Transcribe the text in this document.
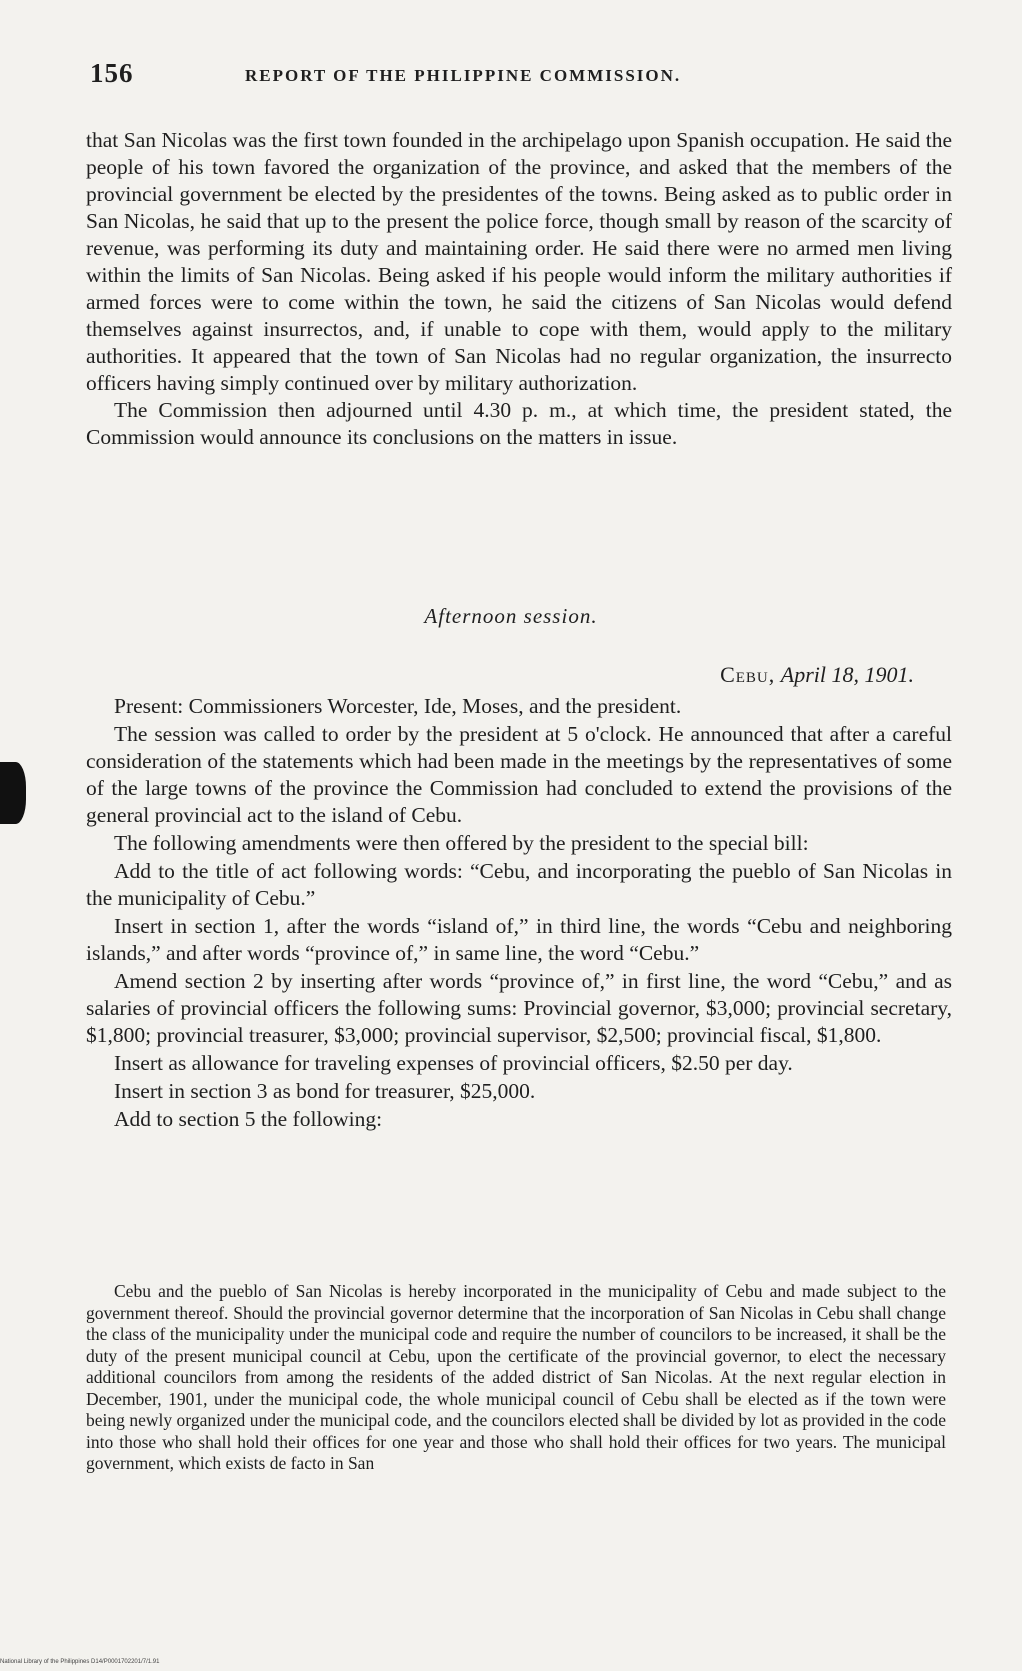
156	REPORT OF THE PHILIPPINE COMMISSION.

that San Nicolas was the first town founded in the archipelago upon Spanish occupation. He said the people of his town favored the organization of the province, and asked that the members of the provincial government be elected by the presidentes of the towns. Being asked as to public order in San Nicolas, he said that up to the present the police force, though small by reason of the scarcity of revenue, was performing its duty and maintaining order. He said there were no armed men living within the limits of San Nicolas. Being asked if his people would inform the military authorities if armed forces were to come within the town, he said the citizens of San Nicolas would defend themselves against insurrectos, and, if unable to cope with them, would apply to the military authorities. It appeared that the town of San Nicolas had no regular organization, the insurrecto officers having simply continued over by military authorization.

The Commission then adjourned until 4.30 p. m., at which time, the president stated, the Commission would announce its conclusions on the matters in issue.

Afternoon session.
Cebu, April 18, 1901.

Present: Commissioners Worcester, Ide, Moses, and the president.

The session was called to order by the president at 5 o'clock. He announced that after a careful consideration of the statements which had been made in the meetings by the representatives of some of the large towns of the province the Commission had concluded to extend the provisions of the general provincial act to the island of Cebu.

The following amendments were then offered by the president to the special bill:

Add to the title of act following words: “Cebu, and incorporating the pueblo of San Nicolas in the municipality of Cebu.”

Insert in section 1, after the words “island of,” in third line, the words “Cebu and neighboring islands,” and after words “province of,” in same line, the word “Cebu.”

Amend section 2 by inserting after words “province of,” in first line, the word “Cebu,” and as salaries of provincial officers the following sums: Provincial governor, $3,000; provincial secretary, $1,800; provincial treasurer, $3,000; provincial supervisor, $2,500; provincial fiscal, $1,800.

Insert as allowance for traveling expenses of provincial officers, $2.50 per day.

Insert in section 3 as bond for treasurer, $25,000.

Add to section 5 the following:

Cebu and the pueblo of San Nicolas is hereby incorporated in the municipality of Cebu and made subject to the government thereof. Should the provincial governor determine that the incorporation of San Nicolas in Cebu shall change the class of the municipality under the municipal code and require the number of councilors to be increased, it shall be the duty of the present municipal council at Cebu, upon the certificate of the provincial governor, to elect the necessary additional councilors from among the residents of the added district of San Nicolas. At the next regular election in December, 1901, under the municipal code, the whole municipal council of Cebu shall be elected as if the town were being newly organized under the municipal code, and the councilors elected shall be divided by lot as provided in the code into those who shall hold their offices for one year and those who shall hold their offices for two years. The municipal government, which exists de facto in San
National Library of the Philippines D14/P0001702201/7/1.91
